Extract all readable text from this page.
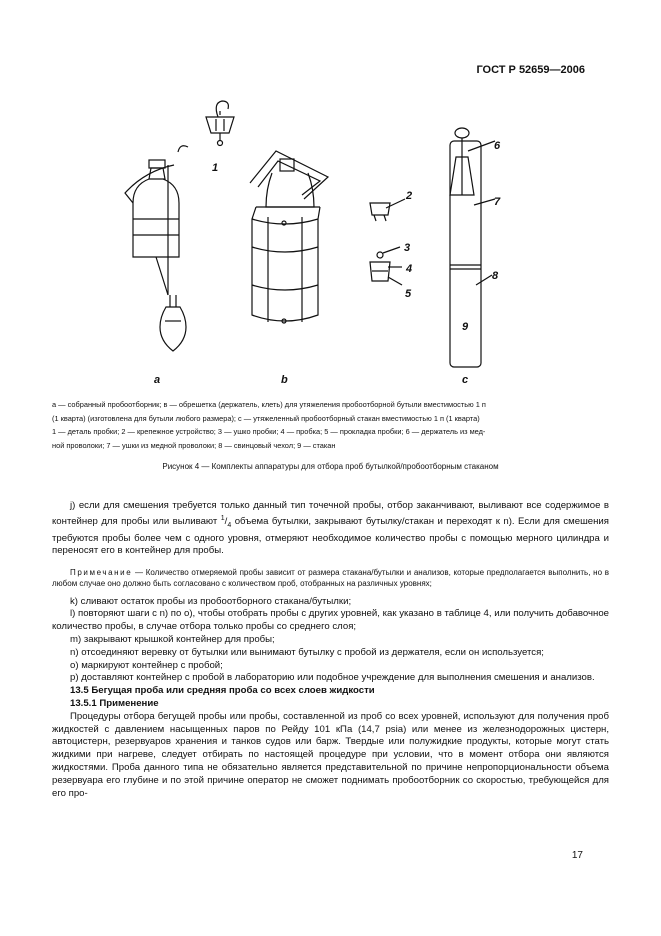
ГОСТ Р 52659—2006
1
2
3
4
5
6
7
8
9
a	b	c
a — собранный пробоотборник; в — обрешетка (держатель, клеть) для утяжеления пробоотборной бутыли вместимостью 1 п
(1 кварта) (изготовлена для бутыли любого размера); c — утяжеленный пробоотборный стакан вместимостью 1 п (1 кварта)
1 — деталь пробки; 2 — крепежное устройство; 3 — ушко пробки; 4 — пробка; 5 — прокладка пробки; 6 — держатель из мед-
ной проволоки; 7 — ушки из медной проволоки; 8 — свинцовый чехол; 9 — стакан
Рисунок 4 — Комплекты аппаратуры для отбора проб бутылкой/пробоотборным стаканом

j) если для смешения требуется только данный тип точечной пробы, отбор заканчивают, выливают все содержимое в контейнер для пробы или выливают $^1/_4$ объема бутылки, закрывают бутылку/стакан и переходят к n). Если для смешения требуются пробы более чем с одного уровня, отмеряют необходимое количество пробы с помощью мерного цилиндра и переносят его в контейнер для пробы.

Примечание — Количество отмеряемой пробы зависит от размера стакана/бутылки и анализов, которые предполагается выполнить, но в любом случае оно должно быть согласовано с количеством проб, отобранных на различных уровнях;

k) сливают остаток пробы из пробоотборного стакана/бутылки;

l) повторяют шаги с n) по o), чтобы отобрать пробы с других уровней, как указано в таблице 4, или получить добавочное количество пробы, в случае отбора только пробы со среднего слоя;

m) закрывают крышкой контейнер для пробы;

n) отсоединяют веревку от бутылки или вынимают бутылку с пробой из держателя, если он используется;

o) маркируют контейнер с пробой;

p) доставляют контейнер с пробой в лабораторию или подобное учреждение для выполнения смешения и анализов.

13.5 Бегущая проба или средняя проба со всех слоев жидкости

13.5.1 Применение

Процедуры отбора бегущей пробы или пробы, составленной из проб со всех уровней, используют для получения проб жидкостей с давлением насыщенных паров по Рейду 101 кПа (14,7 psia) или менее из железнодорожных цистерн, автоцистерн, резервуаров хранения и танков судов или барж. Твердые или полужидкие продукты, которые могут стать жидкими при нагреве, следует отбирать по настоящей процедуре при условии, что в момент отбора они являются жидкостями. Проба данного типа не обязательно является представительной по причине непропорциональности объема резервуара его глубине и по этой причине оператор не сможет поднимать пробоотборник со скоростью, требующейся для его про-

17
